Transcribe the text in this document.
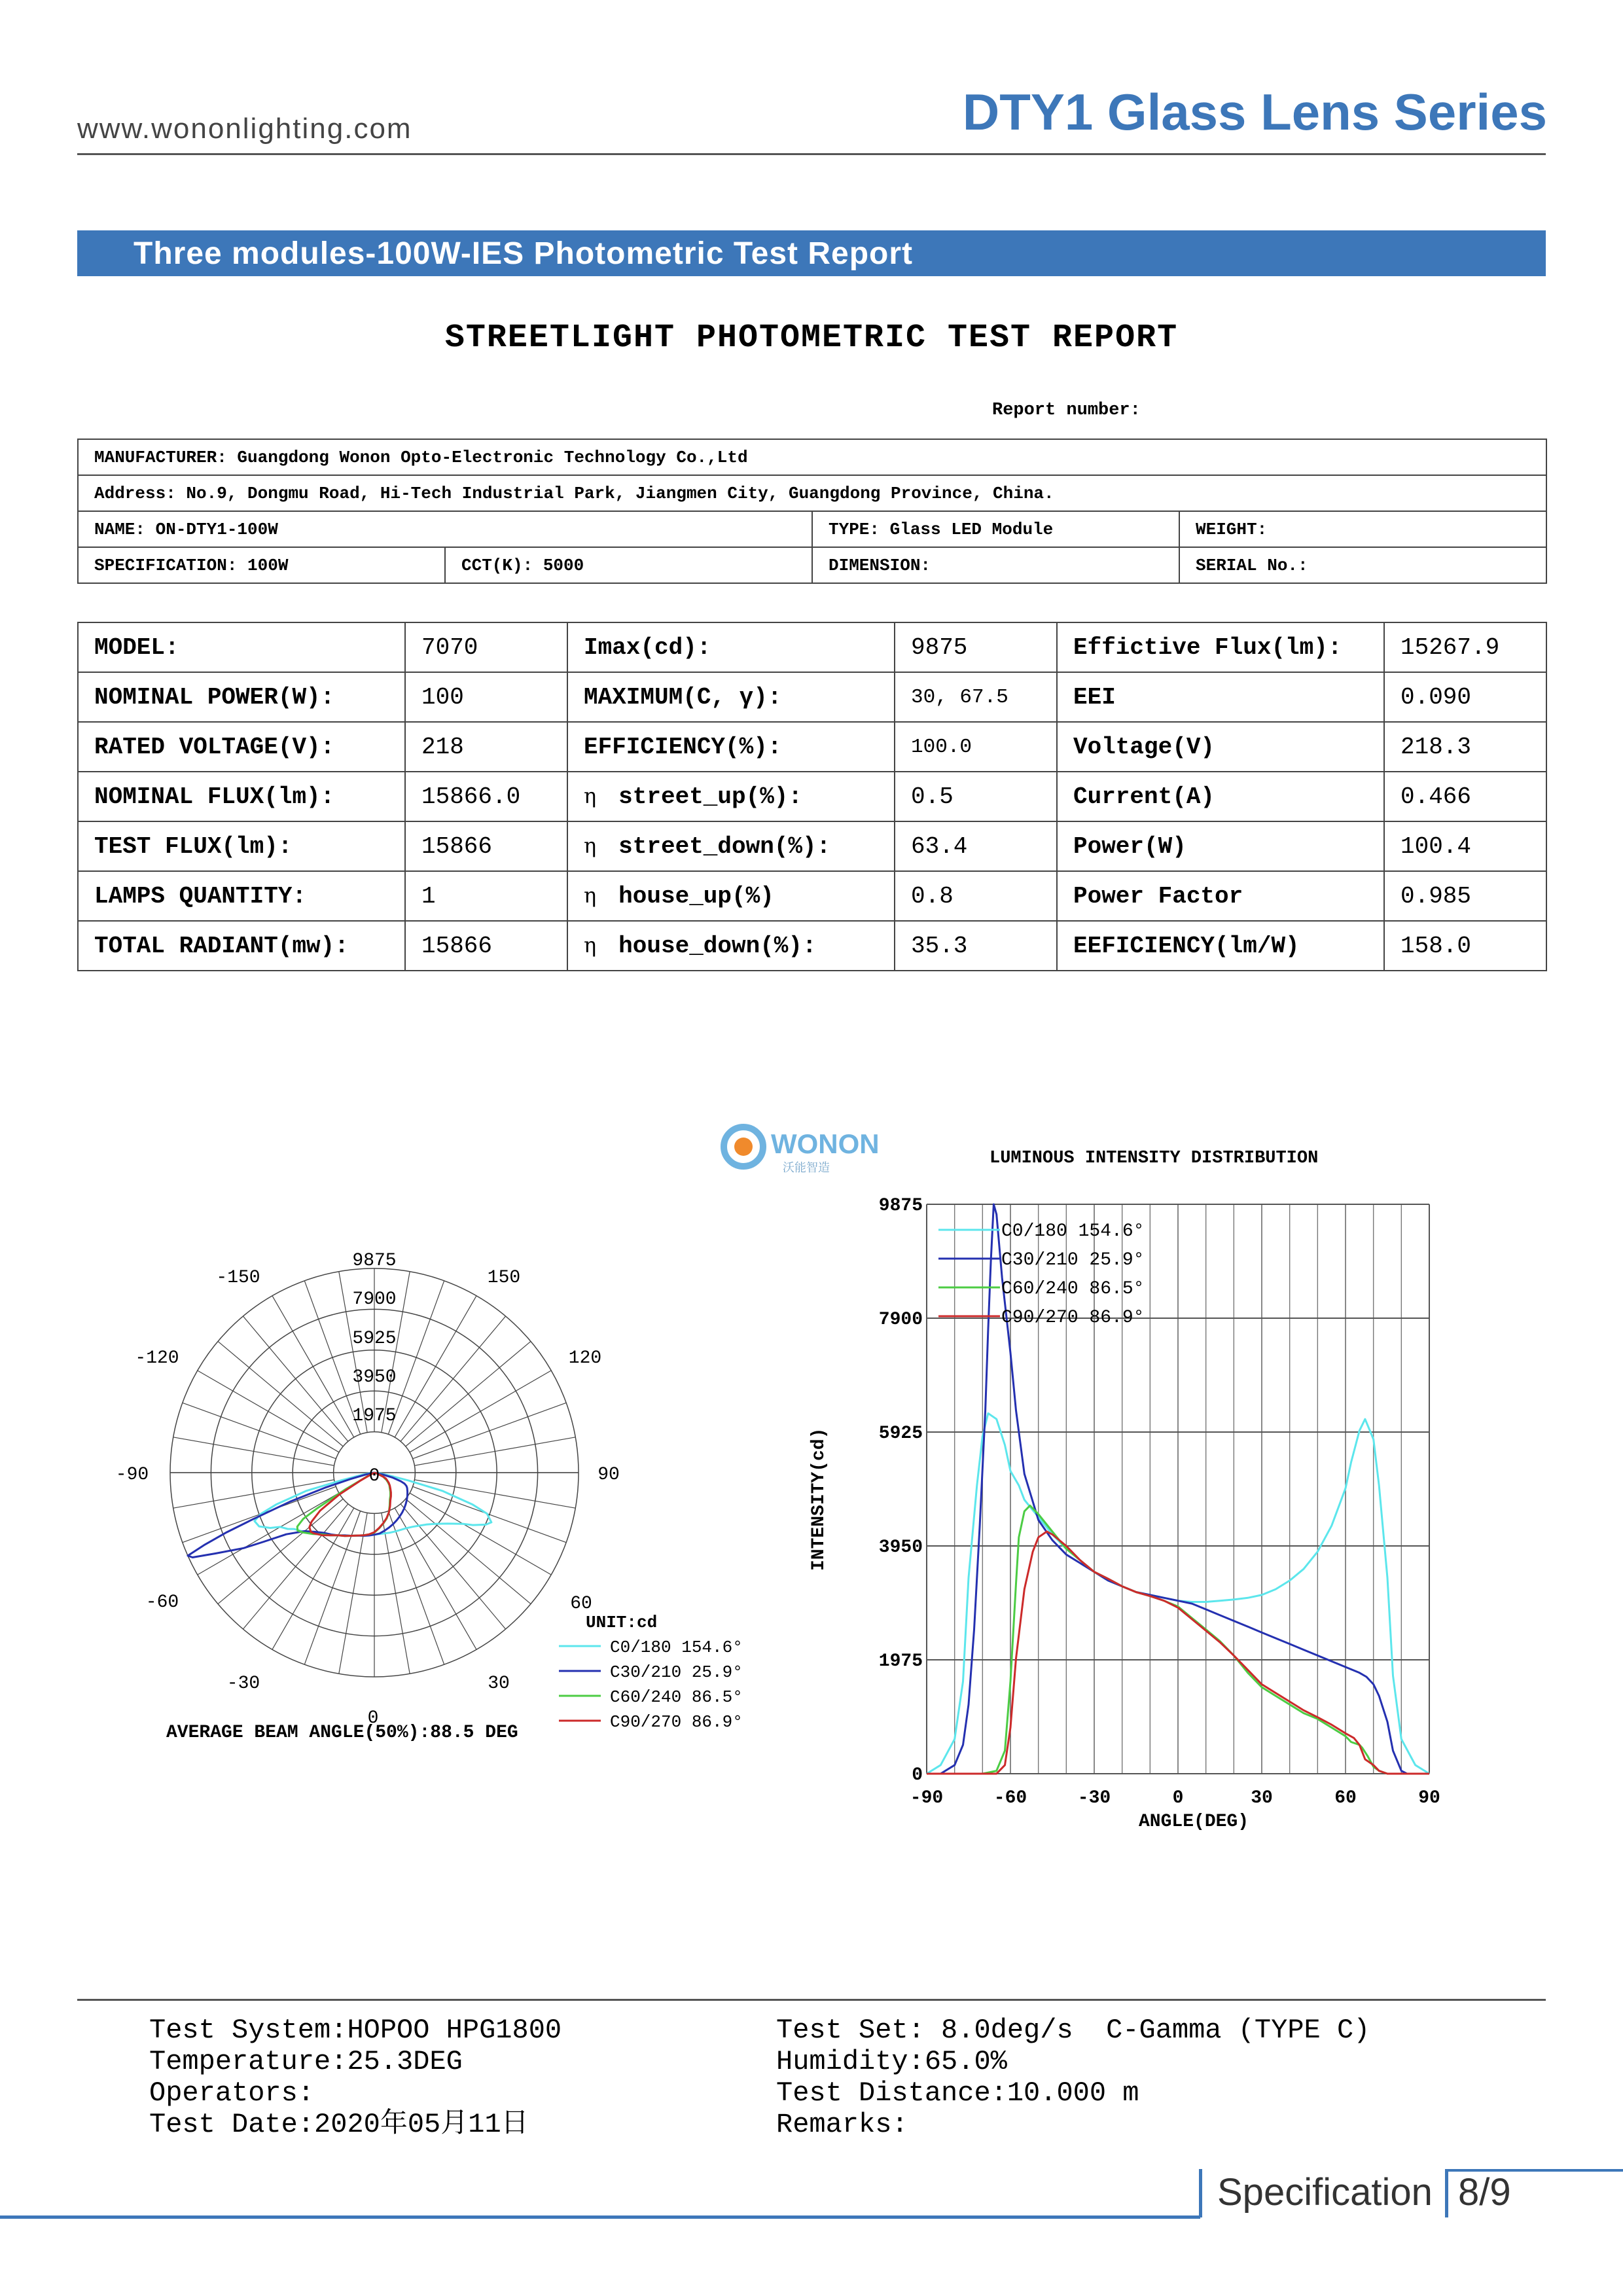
www.wononlighting.com	DTY1 Glass Lens Series
Three modules-100W-IES Photometric Test Report
STREETLIGHT PHOTOMETRIC TEST REPORT
Report number:
MANUFACTURER: Guangdong Wonon Opto-Electronic Technology Co.,Ltd			
Address: No.9, Dongmu Road, Hi-Tech Industrial Park, Jiangmen City, Guangdong Province, China.			
NAME: ON-DTY1-100W		TYPE: Glass LED Module	WEIGHT:
SPECIFICATION: 100W	CCT(K): 5000	DIMENSION:	SERIAL No.:
MODEL:	7070	Imax(cd):	9875	Effictive Flux(lm):	15267.9
NOMINAL POWER(W):	100	MAXIMUM(C, γ):	30, 67.5	EEI	0.090
RATED VOLTAGE(V):	218	EFFICIENCY(%):	100.0	Voltage(V)	218.3
NOMINAL FLUX(lm):	15866.0	η street_up(%):	0.5	Current(A)	0.466
TEST FLUX(lm):	15866	η street_down(%):	63.4	Power(W)	100.4
LAMPS QUANTITY:	1	η house_up(%)	0.8	Power Factor	0.985
TOTAL RADIANT(mw):	15866	η house_down(%):	35.3	EEFICIENCY(lm/W)	158.0
WONON
沃能智造
9875
7900
5925
3950
1975
0
-150	150
-120	120
-90	90
-60	60
-30	30
0
UNIT:cd
C0/180 154.6°
C30/210 25.9°
C60/240 86.5°
C90/270 86.9°
AVERAGE BEAM ANGLE(50%):88.5 DEG
LUMINOUS INTENSITY DISTRIBUTION
C0/180 154.6°
C30/210 25.9°
C60/240 86.5°
C90/270 86.9°
0
1975
3950
5925
7900
9875
-90	-60	-30	0	30	60	90
ANGLE(DEG)
INTENSITY(cd)
Test System:HOPOO HPG1800
Temperature:25.3DEG
Operators:
Test Date:2020年05月11日
Test Set: 8.0deg/s  C-Gamma (TYPE C)
Humidity:65.0%
Test Distance:10.000 m
Remarks:
Specification 8/9
